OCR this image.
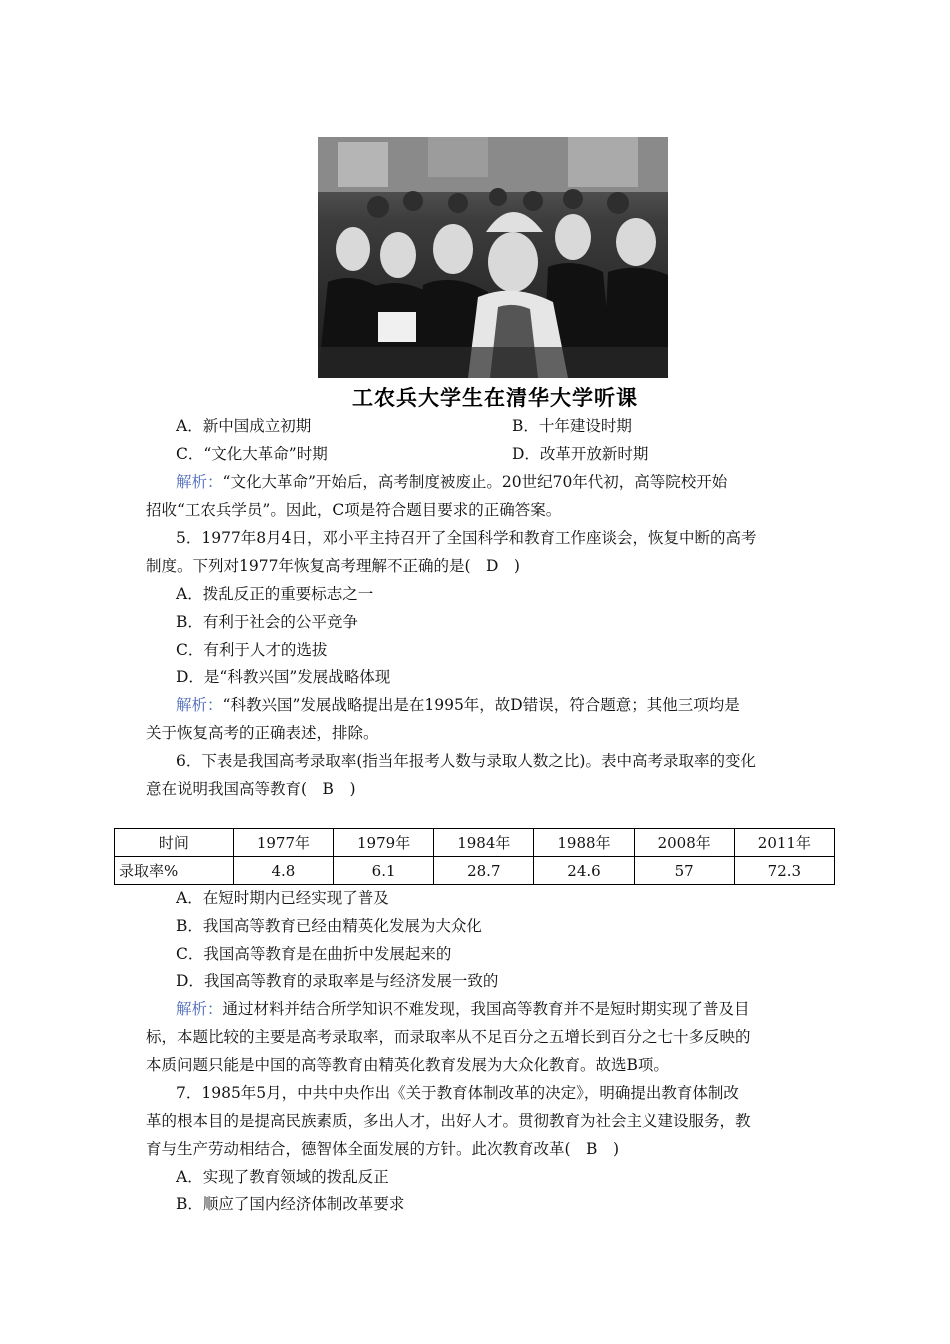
工农兵大学生在清华大学听课
A．新中国成立初期	B．十年建设时期
C．“文化大革命”时期	D．改革开放新时期
解析：“文化大革命”开始后，高考制度被废止。20世纪70年代初，高等院校开始
招收“工农兵学员”。因此，C项是符合题目要求的正确答案。
5．1977年8月4日，邓小平主持召开了全国科学和教育工作座谈会，恢复中断的高考
制度。下列对1977年恢复高考理解不正确的是(　D　)
A．拨乱反正的重要标志之一
B．有利于社会的公平竞争
C．有利于人才的选拔
D．是“科教兴国”发展战略体现
解析：“科教兴国”发展战略提出是在1995年，故D错误，符合题意；其他三项均是
关于恢复高考的正确表述，排除。
6．下表是我国高考录取率(指当年报考人数与录取人数之比)。表中高考录取率的变化
意在说明我国高等教育(　B　)
时间	1977年	1979年	1984年	1988年	2008年	2011年
录取率%	4.8	6.1	28.7	24.6	57	72.3
A．在短时期内已经实现了普及
B．我国高等教育已经由精英化发展为大众化
C．我国高等教育是在曲折中发展起来的
D．我国高等教育的录取率是与经济发展一致的
解析：通过材料并结合所学知识不难发现，我国高等教育并不是短时期实现了普及目
标，本题比较的主要是高考录取率，而录取率从不足百分之五增长到百分之七十多反映的
本质问题只能是中国的高等教育由精英化教育发展为大众化教育。故选B项。
7．1985年5月，中共中央作出《关于教育体制改革的决定》，明确提出教育体制改
革的根本目的是提高民族素质，多出人才，出好人才。贯彻教育为社会主义建设服务，教
育与生产劳动相结合，德智体全面发展的方针。此次教育改革(　B　)
A．实现了教育领域的拨乱反正
B．顺应了国内经济体制改革要求
